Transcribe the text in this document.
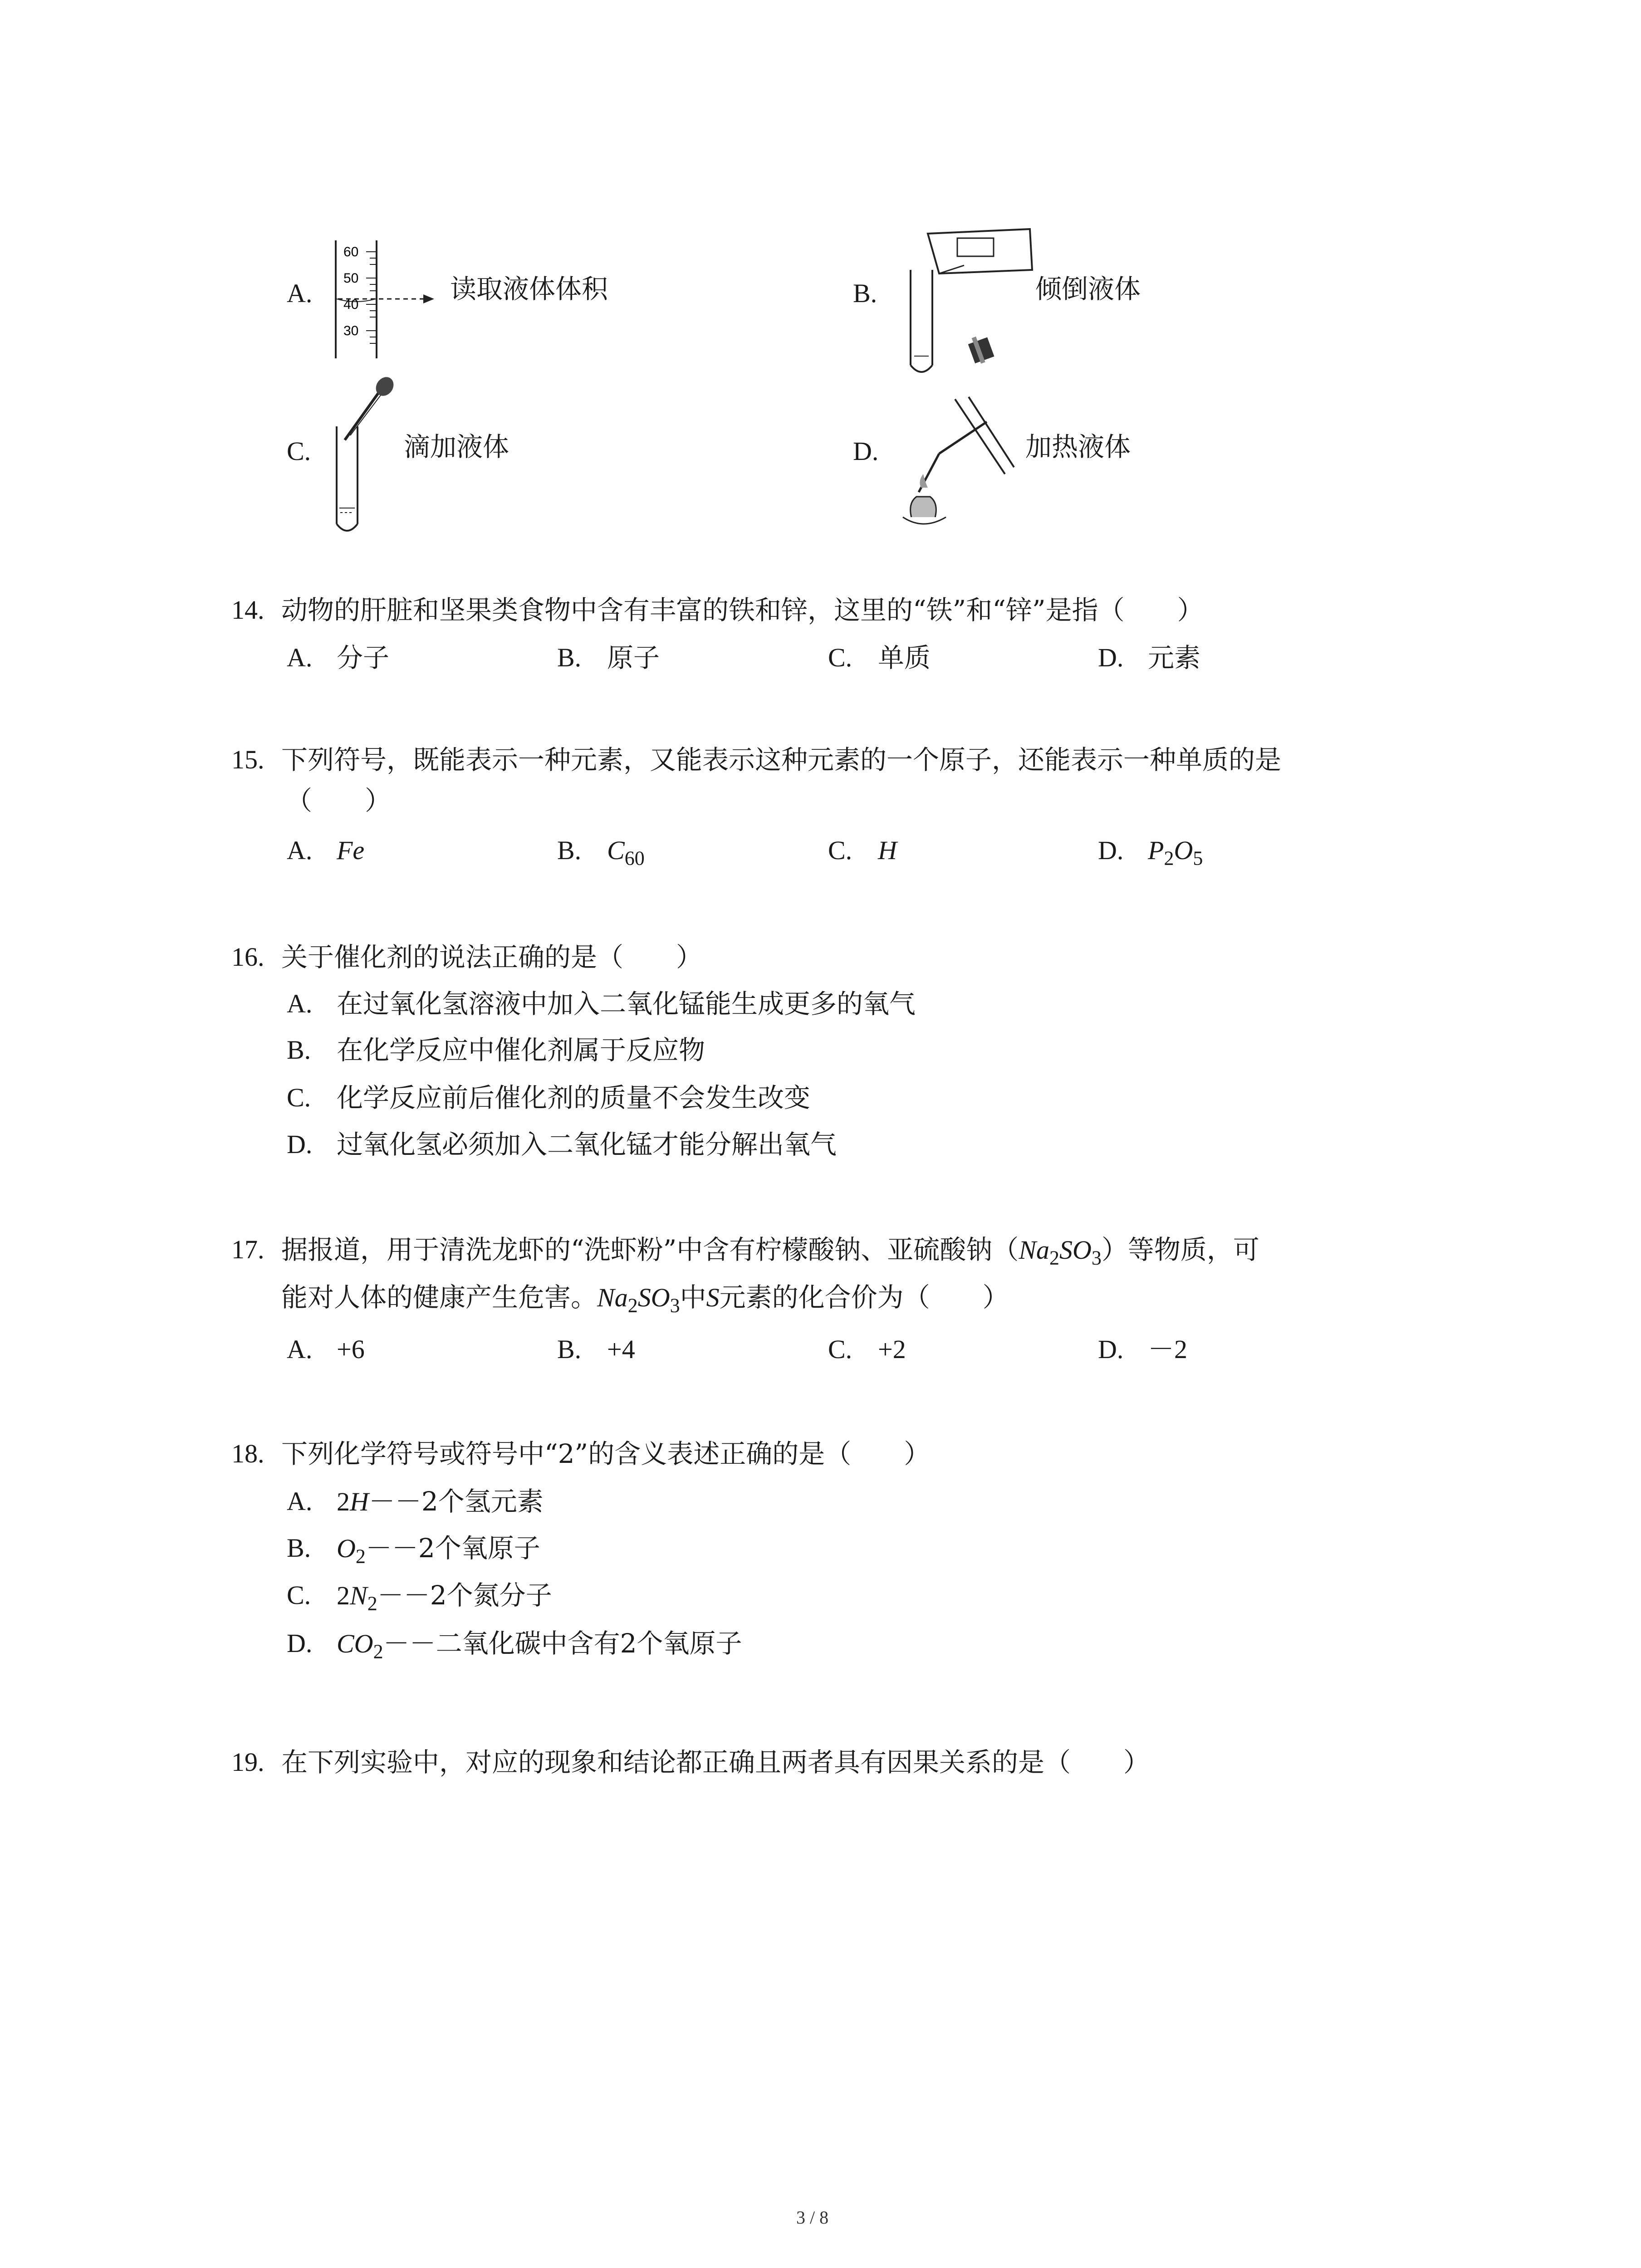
A.
60
50
40
30
读取液体体积	B.	倾倒液体
C.	滴加液体	D.	加热液体
14. 动物的肝脏和坚果类食物中含有丰富的铁和锌，这里的“铁”和“锌”是指（　　）
A. 分子	B. 原子	C. 单质	D. 元素
15. 下列符号，既能表示一种元素，又能表示这种元素的一个原子，还能表示一种单质的是
（　　）
A. Fe	B. $C_{60}$	C. H	D. $P_2O_5$
16. 关于催化剂的说法正确的是（　　）
A. 在过氧化氢溶液中加入二氧化锰能生成更多的氧气
B. 在化学反应中催化剂属于反应物
C. 化学反应前后催化剂的质量不会发生改变
D. 过氧化氢必须加入二氧化锰才能分解出氧气
17. 据报道，用于清洗龙虾的“洗虾粉”中含有柠檬酸钠、亚硫酸钠$(Na_2SO_3)$等物质，可
能对人体的健康产生危害。$Na_2SO_3$中S元素的化合价为（　　）
A. +6	B. +4	C. +2	D. －2
18. 下列化学符号或符号中“2”的含义表述正确的是（　　）
A. 2H－－2个氢元素
B. $O_2--2$个氧原子
C. $2N_2--2$个氮分子
D. $CO_2--$二氧化碳中含有2个氧原子
19. 在下列实验中，对应的现象和结论都正确且两者具有因果关系的是（　　）
3 / 8
